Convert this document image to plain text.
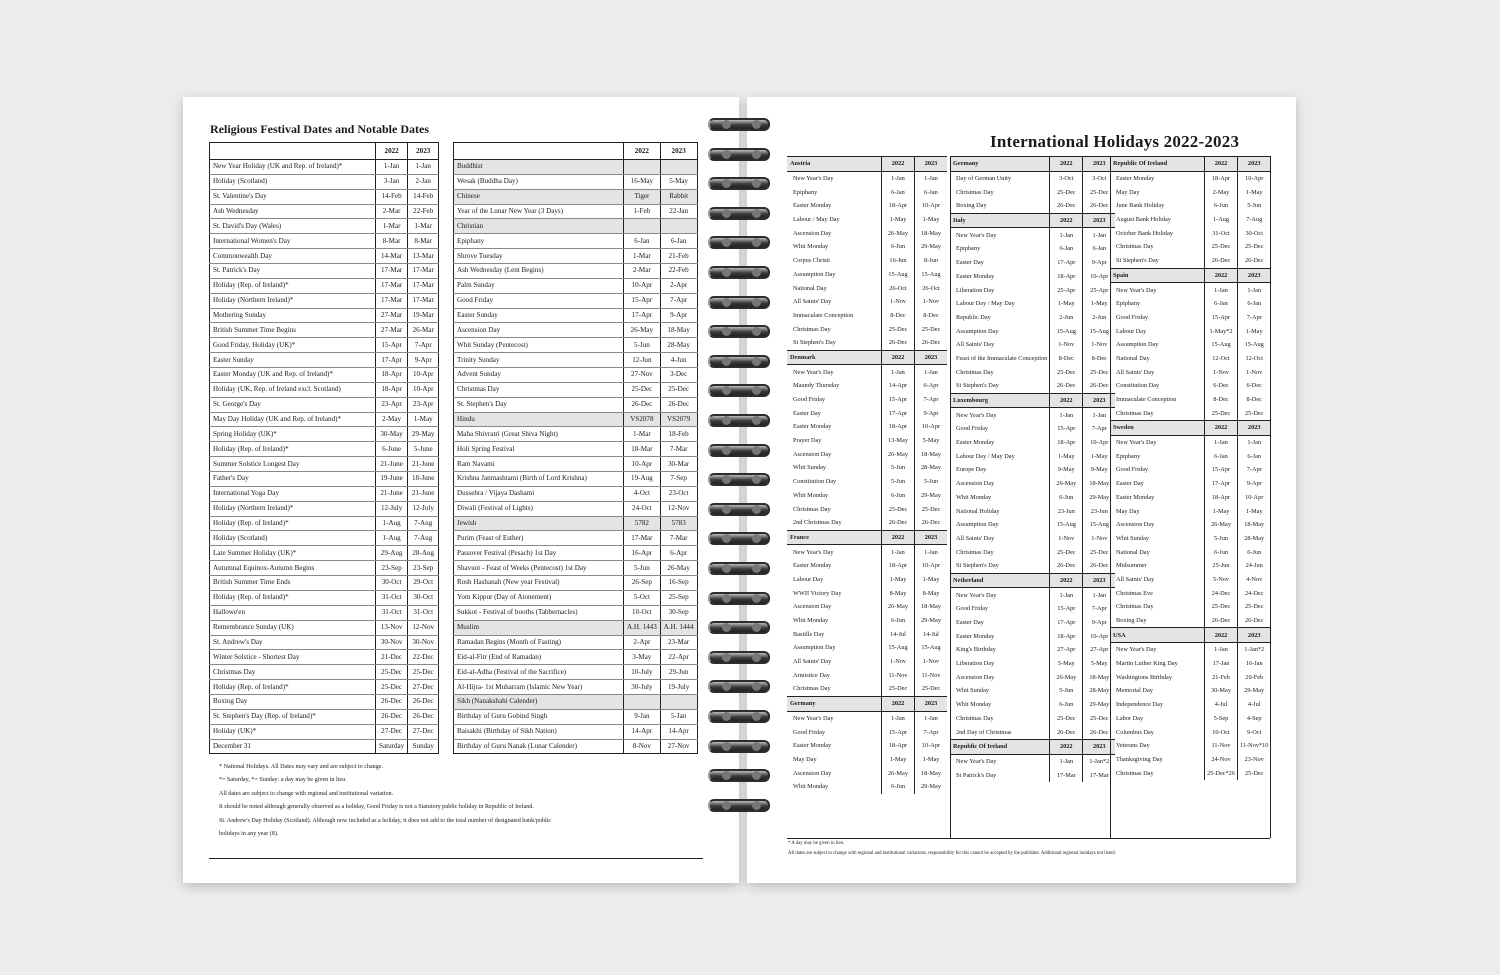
Religious Festival Dates and Notable Dates
	2022	2023
New Year Holiday (UK and Rep. of Ireland)*	1-Jan	1-Jan
Holiday (Scotland)	3-Jan	2-Jan
St. Valentine's Day	14-Feb	14-Feb
Ash Wednesday	2-Mar	22-Feb
St. David's Day (Wales)	1-Mar	1-Mar
International Women's Day	8-Mar	8-Mar
Commonwealth Day	14-Mar	13-Mar
St. Patrick's Day	17-Mar	17-Mar
Holiday (Rep. of Ireland)*	17-Mar	17-Mar
Holiday (Northern Ireland)*	17-Mar	17-Mar
Mothering Sunday	27-Mar	19-Mar
British Summer Time Begins	27-Mar	26-Mar
Good Friday, Holiday (UK)*	15-Apr	7-Apr
Easter Sunday	17-Apr	9-Apr
Easter Monday (UK and Rep. of Ireland)*	18-Apr	10-Apr
Holiday (UK, Rep. of Ireland excl. Scotland)	18-Apr	10-Apr
St. George's Day	23-Apr	23-Apr
May Day Holiday (UK and Rep. of Ireland)*	2-May	1-May
Spring Holiday (UK)*	30-May	29-May
Holiday (Rep. of Ireland)*	6-June	5-June
Summer Solstice Longest Day	21-June	21-June
Father's Day	19-June	18-June
International Yoga Day	21-June	21-June
Holiday (Northern Ireland)*	12-July	12-July
Holiday (Rep. of Ireland)*	1-Aug	7-Aug
Holiday (Scotland)	1-Aug	7-Aug
Late Summer Holiday (UK)*	29-Aug	28-Aug
Autumnal Equinox-Autumn Begins	23-Sep	23-Sep
British Summer Time Ends	30-Oct	29-Oct
Holiday (Rep. of Ireland)*	31-Oct	30-Oct
Hallowe'en	31-Oct	31-Oct
Remembrance Sunday (UK)	13-Nov	12-Nov
St. Andrew's Day	30-Nov	30-Nov
Winter Solstice - Shortest Day	21-Dec	22-Dec
Christmas Day	25-Dec	25-Dec
Holiday (Rep. of Ireland)*	25-Dec	27-Dec
Boxing Day	26-Dec	26-Dec
St. Stephen's Day (Rep. of Ireland)*	26-Dec	26-Dec
Holiday (UK)*	27-Dec	27-Dec
December 31	Saturday	Sunday
	2022	2023
Buddhist		
Wesak (Buddha Day)	16-May	5-May
Chinese	Tiger	Rabbit
Year of the Lunar New Year (3 Days)	1-Feb	22-Jan
Christian		
Epiphany	6-Jan	6-Jan
Shrove Tuesday	1-Mar	21-Feb
Ash Wednesday (Lent Begins)	2-Mar	22-Feb
Palm Sunday	10-Apr	2-Apr
Good Friday	15-Apr	7-Apr
Easter Sunday	17-Apr	9-Apr
Ascension Day	26-May	18-May
Whit Sunday (Pentecost)	5-Jun	28-May
Trinity Sunday	12-Jun	4-Jun
Advent Sunday	27-Nov	3-Dec
Christmas Day	25-Dec	25-Dec
St. Stephen's Day	26-Dec	26-Dec
Hindu	VS2078	VS2079
Maha Shivratri (Great Shiva Night)	1-Mar	18-Feb
Holi Spring Festival	18-Mar	7-Mar
Ram Navami	10-Apr	30-Mar
Krishna Janmashtami (Birth of Lord Krishna)	19-Aug	7-Sep
Dussehra / Vijaya Dashami	4-Oct	23-Oct
Diwali (Festival of Lights)	24-Oct	12-Nov
Jewish	5782	5783
Purim (Feast of Esther)	17-Mar	7-Mar
Passover Festival (Pesach) 1st Day	16-Apr	6-Apr
Shavuot - Feast of Weeks (Pentecost) 1st Day	5-Jun	26-May
Rosh Hashanah (New year Festival)	26-Sep	16-Sep
Yom Kippur (Day of Atonement)	5-Oct	25-Sep
Sukkot - Festival of booths (Tabbernacles)	10-Oct	30-Sep
Muslim	A.H. 1443	A.H. 1444
Ramadan Begins (Month of Fasting)	2-Apr	23-Mar
Eid-al-Fitr (End of Ramadan)	3-May	22-Apr
Eid-al-Adha (Festival of the Sacrifice)	10-July	29-Jun
Al-Hijra- 1st Muharram (Islamic New Year)	30-July	19-July
Sikh (Nanakshahi Calender)		
Birthday of Guru Gobind Singh	9-Jan	5-Jan
Baisakhi (Birthday of Sikh Nation)	14-Apr	14-Apr
Birthday of Guru Nanak (Lunar Calender)	8-Nov	27-Nov
* National Holidays. All Dates may vary and are subject to change.
*= Saturday, *= Sunday: a day may be given in lieu.
All dates are subject to change with regional and institutional variation.
It should be noted although generally observed as a holiday, Good Friday is not a Statutory public holiday in Republic of Ireland.
St. Andrew's Day Holiday (Scotland). Although now included as a holiday, it does not add to the total number of designated bank/public
holidays in any year (8).
International Holidays 2022-2023
Austria	2022	2023
New Year's Day	1-Jan	1-Jan
Epiphany	6-Jan	6-Jan
Easter Monday	18-Apr	10-Apr
Labour / May Day	1-May	1-May
Ascension Day	26-May	18-May
Whit Monday	6-Jun	29-May
Corpus Christi	16-Jun	8-Jun
Assumption Day	15-Aug	15-Aug
National Day	26-Oct	26-Oct
All Saints' Day	1-Nov	1-Nov
Immaculate Conception	8-Dec	8-Dec
Christmas Day	25-Dec	25-Dec
St Stephen's Day	26-Dec	26-Dec
Denmark	2022	2023
New Year's Day	1-Jan	1-Jan
Maundy Thursday	14-Apr	6-Apr
Good Friday	15-Apr	7-Apr
Easter Day	17-Apr	9-Apr
Easter Monday	18-Apr	10-Apr
Prayer Day	13-May	5-May
Ascension Day	26-May	18-May
Whit Sunday	5-Jun	28-May
Constitution Day	5-Jun	5-Jun
Whit Monday	6-Jun	29-May
Christmas Day	25-Dec	25-Dec
2nd Christmas Day	26-Dec	26-Dec
France	2022	2023
New Year's Day	1-Jan	1-Jan
Easter Monday	18-Apr	10-Apr
Labour Day	1-May	1-May
WWII Victory Day	8-May	8-May
Ascension Day	26-May	18-May
Whit Monday	6-Jun	29-May
Bastille Day	14-Jul	14-Jul
Assumption Day	15-Aug	15-Aug
All Saints' Day	1-Nov	1-Nov
Armistice Day	11-Nov	11-Nov
Christmas Day	25-Dec	25-Dec
Germany	2022	2023
New Year's Day	1-Jan	1-Jan
Good Friday	15-Apr	7-Apr
Easter Monday	18-Apr	10-Apr
May Day	1-May	1-May
Ascension Day	26-May	18-May
Whit Monday	6-Jun	29-May
Germany	2022	2023
Day of German Unity	3-Oct	3-Oct
Christmas Day	25-Dec	25-Dec
Boxing Day	26-Dec	26-Dec
Italy	2022	2023
New Year's Day	1-Jan	1-Jan
Epiphany	6-Jan	6-Jan
Easter Day	17-Apr	9-Apr
Easter Monday	18-Apr	10-Apr
Liberation Day	25-Apr	25-Apr
Labour Day / May Day	1-May	1-May
Republic Day	2-Jun	2-Jun
Assumption Day	15-Aug	15-Aug
All Saints' Day	1-Nov	1-Nov
Feast of the Immaculate Conception	8-Dec	8-Dec
Christmas Day	25-Dec	25-Dec
St Stephen's Day	26-Dec	26-Dec
Luxembourg	2022	2023
New Year's Day	1-Jan	1-Jan
Good Friday	15-Apr	7-Apr
Easter Monday	18-Apr	10-Apr
Labour Day / May Day	1-May	1-May
Europe Day	9-May	9-May
Ascension Day	26-May	18-May
Whit Monday	6-Jun	29-May
National Holiday	23-Jun	23-Jun
Assumption Day	15-Aug	15-Aug
All Saints' Day	1-Nov	1-Nov
Christmas Day	25-Dec	25-Dec
St Stephen's Day	26-Dec	26-Dec
Netherland	2022	2023
New Year's Day	1-Jan	1-Jan
Good Friday	15-Apr	7-Apr
Easter Day	17-Apr	9-Apr
Easter Monday	18-Apr	10-Apr
King's Birthday	27-Apr	27-Apr
Liberation Day	5-May	5-May
Ascension Day	26-May	18-May
Whit Sunday	5-Jun	28-May
Whit Monday	6-Jun	29-May
Christmas Day	25-Dec	25-Dec
2nd Day of Christmas	26-Dec	26-Dec
Republic Of Ireland	2022	2023
New Year's Day	1-Jan	1-Jan*2
St Patrick's Day	17-Mar	17-Mar
Republic Of Ireland	2022	2023
Easter Monday	18-Apr	10-Apr
May Day	2-May	1-May
June Bank Holiday	6-Jun	5-Jun
August Bank Holiday	1-Aug	7-Aug
October Bank Holiday	31-Oct	30-Oct
Christmas Day	25-Dec	25-Dec
St Stephen's Day	26-Dec	26-Dec
Spain	2022	2023
New Year's Day	1-Jan	1-Jan
Epiphany	6-Jan	6-Jan
Good Friday	15-Apr	7-Apr
Labour Day	1-May*2	1-May
Assumption Day	15-Aug	15-Aug
National Day	12-Oct	12-Oct
All Saints' Day	1-Nov	1-Nov
Constitution Day	6-Dec	6-Dec
Immaculate Conception	8-Dec	8-Dec
Christmas Day	25-Dec	25-Dec
Sweden	2022	2023
New Year's Day	1-Jan	1-Jan
Epiphany	6-Jan	6-Jan
Good Friday	15-Apr	7-Apr
Easter Day	17-Apr	9-Apr
Easter Monday	18-Apr	10-Apr
May Day	1-May	1-May
Ascension Day	26-May	18-May
Whit Sunday	5-Jun	28-May
National Day	6-Jun	6-Jun
Midsummer	25-Jun	24-Jun
All Saints' Day	5-Nov	4-Nov
Christmas Eve	24-Dec	24-Dec
Christmas Day	25-Dec	25-Dec
Boxing Day	26-Dec	26-Dec
USA	2022	2023
New Year's Day	1-Jan	1-Jan*2
Martin Luther King Day	17-Jan	16-Jan
Washingtons Birthday	21-Feb	20-Feb
Memorial Day	30-May	29-May
Independence Day	4-Jul	4-Jul
Labor Day	5-Sep	4-Sep
Columbus Day	10-Oct	9-Oct
Veterans Day	11-Nov	11-Nov*10
Thanksgiving Day	24-Nov	23-Nov
Christmas Day	25-Dec*26	25-Dec
* A day may be given in lieu.
All dates are subject to change with regional and institutional variations, responsibility for this cannot be accepted by the publisher. Additional regional holidays not listed.
